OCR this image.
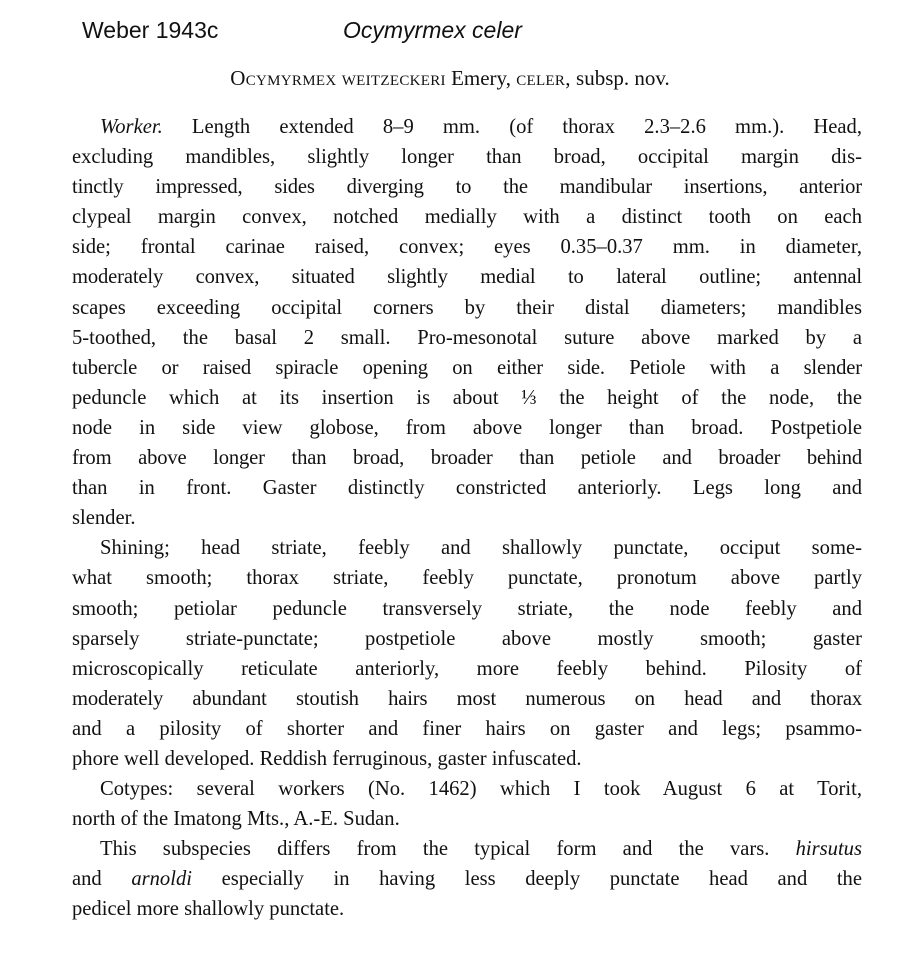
Weber 1943c	Ocymyrmex celer
Ocymyrmex weitzeckeri Emery, celer, subsp. nov.
Worker. Length extended 8–9 mm. (of thorax 2.3–2.6 mm.). Head,
excluding mandibles, slightly longer than broad, occipital margin dis-
tinctly impressed, sides diverging to the mandibular insertions, anterior
clypeal margin convex, notched medially with a distinct tooth on each
side; frontal carinae raised, convex; eyes 0.35–0.37 mm. in diameter,
moderately convex, situated slightly medial to lateral outline; antennal
scapes exceeding occipital corners by their distal diameters; mandibles
5-toothed, the basal 2 small. Pro-mesonotal suture above marked by a
tubercle or raised spiracle opening on either side. Petiole with a slender
peduncle which at its insertion is about ⅓ the height of the node, the
node in side view globose, from above longer than broad. Postpetiole
from above longer than broad, broader than petiole and broader behind
than in front. Gaster distinctly constricted anteriorly. Legs long and
slender.
Shining; head striate, feebly and shallowly punctate, occiput some-
what smooth; thorax striate, feebly punctate, pronotum above partly
smooth; petiolar peduncle transversely striate, the node feebly and
sparsely striate-punctate; postpetiole above mostly smooth; gaster
microscopically reticulate anteriorly, more feebly behind. Pilosity of
moderately abundant stoutish hairs most numerous on head and thorax
and a pilosity of shorter and finer hairs on gaster and legs; psammo-
phore well developed. Reddish ferruginous, gaster infuscated.
Cotypes: several workers (No. 1462) which I took August 6 at Torit,
north of the Imatong Mts., A.-E. Sudan.
This subspecies differs from the typical form and the vars. hirsutus
and arnoldi especially in having less deeply punctate head and the
pedicel more shallowly punctate.
